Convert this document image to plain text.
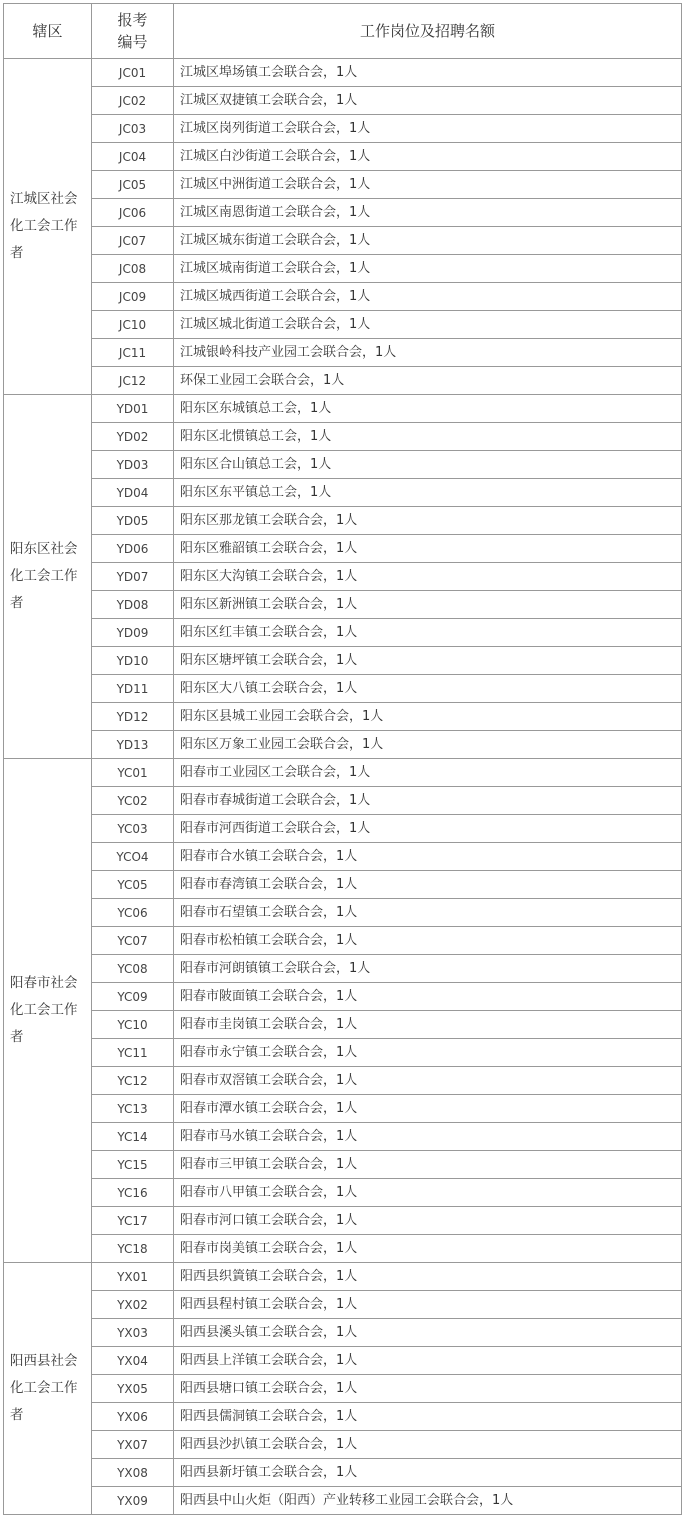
辖区	报考编号	工作岗位及招聘名额
江城区社会化工会工作者	JC01	江城区埠场镇工会联合会，1人
	JC02	江城区双捷镇工会联合会，1人
	JC03	江城区岗列街道工会联合会，1人
	JC04	江城区白沙街道工会联合会，1人
	JC05	江城区中洲街道工会联合会，1人
	JC06	江城区南恩街道工会联合会，1人
	JC07	江城区城东街道工会联合会，1人
	JC08	江城区城南街道工会联合会，1人
	JC09	江城区城西街道工会联合会，1人
	JC10	江城区城北街道工会联合会，1人
	JC11	江城银岭科技产业园工会联合会，1人
	JC12	环保工业园工会联合会，1人
阳东区社会化工会工作者	YD01	阳东区东城镇总工会，1人
	YD02	阳东区北惯镇总工会，1人
	YD03	阳东区合山镇总工会，1人
	YD04	阳东区东平镇总工会，1人
	YD05	阳东区那龙镇工会联合会，1人
	YD06	阳东区雅韶镇工会联合会，1人
	YD07	阳东区大沟镇工会联合会，1人
	YD08	阳东区新洲镇工会联合会，1人
	YD09	阳东区红丰镇工会联合会，1人
	YD10	阳东区塘坪镇工会联合会，1人
	YD11	阳东区大八镇工会联合会，1人
	YD12	阳东区县城工业园工会联合会，1人
	YD13	阳东区万象工业园工会联合会，1人
阳春市社会化工会工作者	YC01	阳春市工业园区工会联合会，1人
	YC02	阳春市春城街道工会联合会，1人
	YC03	阳春市河西街道工会联合会，1人
	YCO4	阳春市合水镇工会联合会，1人
	YC05	阳春市春湾镇工会联合会，1人
	YC06	阳春市石望镇工会联合会，1人
	YC07	阳春市松柏镇工会联合会，1人
	YC08	阳春市河朗镇镇工会联合会，1人
	YC09	阳春市陂面镇工会联合会，1人
	YC10	阳春市圭岗镇工会联合会，1人
	YC11	阳春市永宁镇工会联合会，1人
	YC12	阳春市双滘镇工会联合会，1人
	YC13	阳春市潭水镇工会联合会，1人
	YC14	阳春市马水镇工会联合会，1人
	YC15	阳春市三甲镇工会联合会，1人
	YC16	阳春市八甲镇工会联合会，1人
	YC17	阳春市河口镇工会联合会，1人
	YC18	阳春市岗美镇工会联合会，1人
阳西县社会化工会工作者	YX01	阳西县织篢镇工会联合会，1人
	YX02	阳西县程村镇工会联合会，1人
	YX03	阳西县溪头镇工会联合会，1人
	YX04	阳西县上洋镇工会联合会，1人
	YX05	阳西县塘口镇工会联合会，1人
	YX06	阳西县儒洞镇工会联合会，1人
	YX07	阳西县沙扒镇工会联合会，1人
	YX08	阳西县新圩镇工会联合会，1人
	YX09	阳西县中山火炬（阳西）产业转移工业园工会联合会，1人
